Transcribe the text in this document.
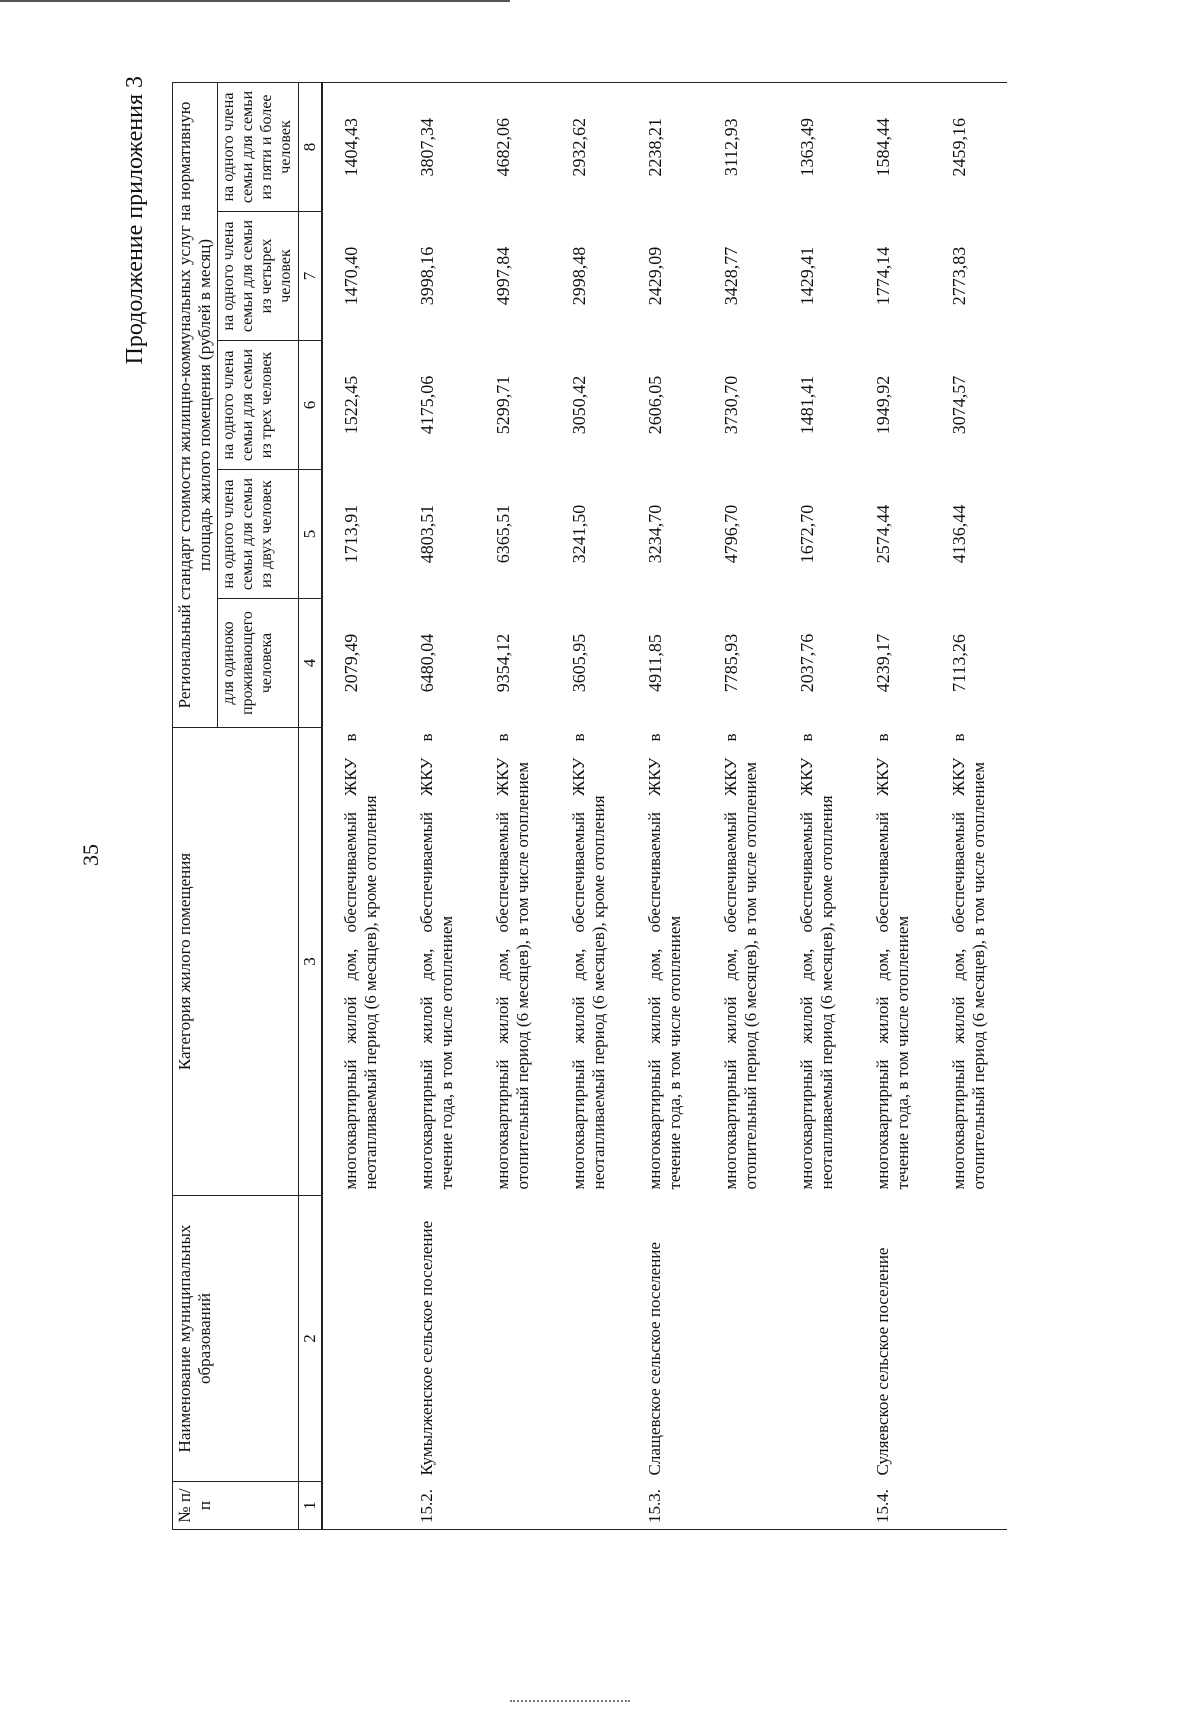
35
Продолжение приложения 3
№ п/п	Наименование муниципальных образований	Категория жилого помещения	Региональный стандарт стоимости жилищно-коммунальных услуг на нормативную площадь жилого помещения (рублей в месяц)				
			для одиноко проживающего человека	на одного члена семьи для семьи из двух человек	на одного члена семьи для семьи из трех человек	на одного члена семьи для семьи из четырех человек	на одного члена семьи для семьи из пяти и более человек
1	2	3	4	5	6	7	8
		многоквартирный жилой дом, обеспечиваемый ЖКУ в неотапливаемый период (6 месяцев), кроме отопления	2079,49	1713,91	1522,45	1470,40	1404,43
15.2.	Кумылженское сельское поселение	многоквартирный жилой дом, обеспечиваемый ЖКУ в течение года, в том числе отоплением	6480,04	4803,51	4175,06	3998,16	3807,34
		многоквартирный жилой дом, обеспечиваемый ЖКУ в отопительный период (6 месяцев), в том числе отоплением	9354,12	6365,51	5299,71	4997,84	4682,06
		многоквартирный жилой дом, обеспечиваемый ЖКУ в неотапливаемый период (6 месяцев), кроме отопления	3605,95	3241,50	3050,42	2998,48	2932,62
15.3.	Слащевское сельское поселение	многоквартирный жилой дом, обеспечиваемый ЖКУ в течение года, в том числе отоплением	4911,85	3234,70	2606,05	2429,09	2238,21
		многоквартирный жилой дом, обеспечиваемый ЖКУ в отопительный период (6 месяцев), в том числе отоплением	7785,93	4796,70	3730,70	3428,77	3112,93
		многоквартирный жилой дом, обеспечиваемый ЖКУ в неотапливаемый период (6 месяцев), кроме отопления	2037,76	1672,70	1481,41	1429,41	1363,49
15.4.	Суляевское сельское поселение	многоквартирный жилой дом, обеспечиваемый ЖКУ в течение года, в том числе отоплением	4239,17	2574,44	1949,92	1774,14	1584,44
		многоквартирный жилой дом, обеспечиваемый ЖКУ в отопительный период (6 месяцев), в том числе отоплением	7113,26	4136,44	3074,57	2773,83	2459,16
